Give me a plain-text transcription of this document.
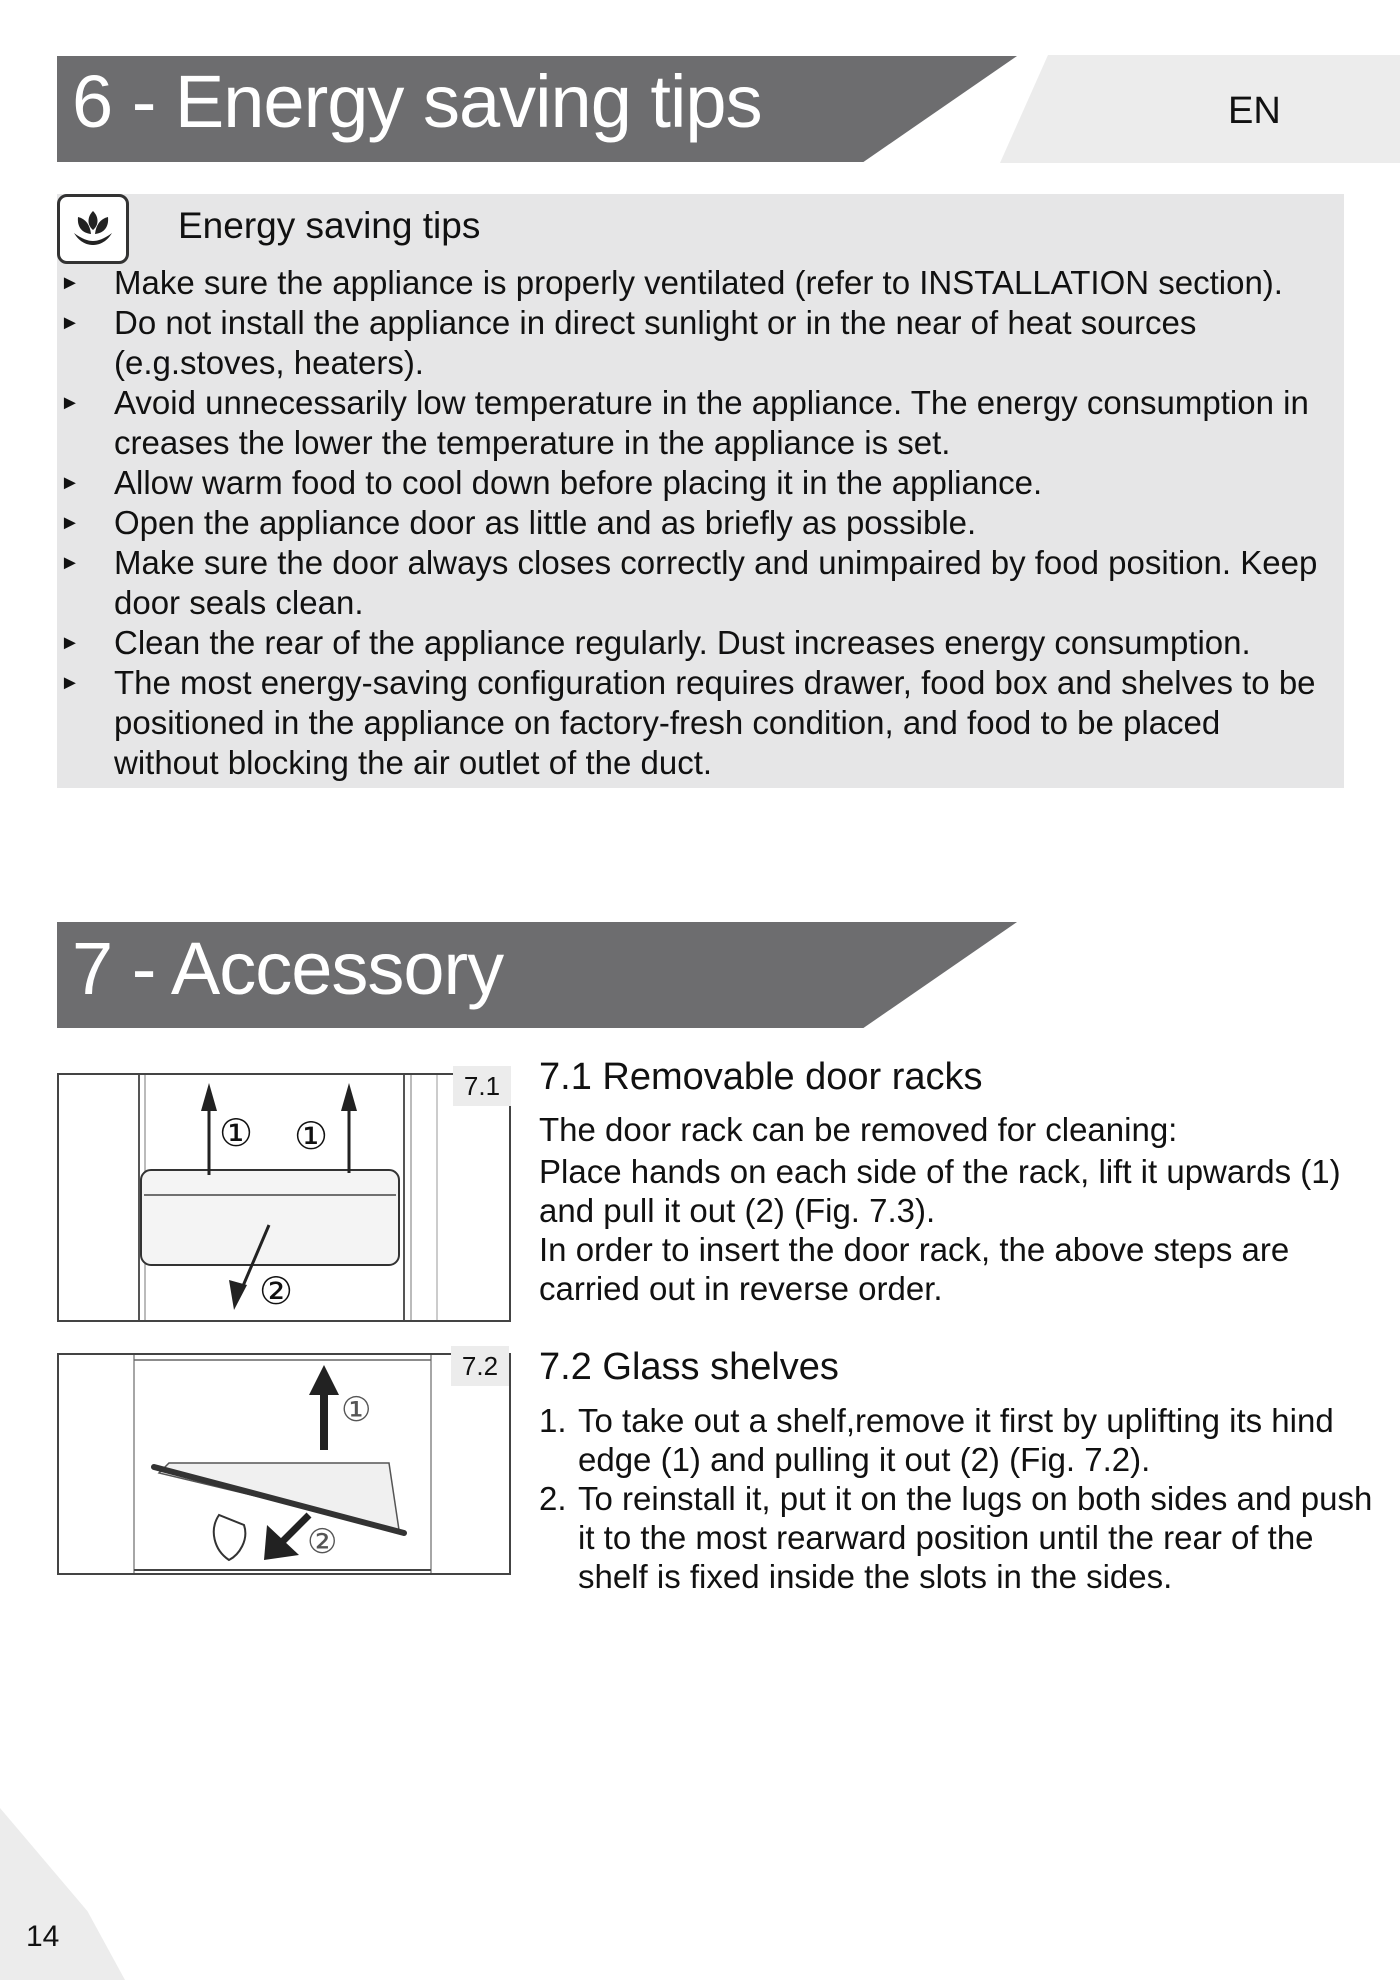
6 - Energy saving tips	EN
Energy saving tips
►	Make sure the appliance is properly ventilated (refer to INSTALLATION section).
►	Do not install the appliance in direct sunlight or in the near of heat sources (e.g.stoves, heaters).
►	Avoid unnecessarily low temperature in the appliance. The energy consumption in creases the lower the temperature in the appliance is set.
►	Allow warm food to cool down before placing it in the appliance.
►	Open the appliance door as little and as briefly as possible.
►	Make sure the door always closes correctly and unimpaired by food position. Keep door seals clean.
►	Clean the rear of the appliance regularly. Dust increases energy consumption.
►	The most energy-saving configuration requires drawer, food box and shelves to be positioned in the appliance on factory-fresh condition, and food to be placed without blocking the air outlet of the duct.
7 - Accessory
① ①
②
7.1
①
②
7.2
7.1 Removable door racks
The door rack can be removed for cleaning:
Place hands on each side of the rack, lift it upwards (1) and pull it out (2) (Fig. 7.3).
In order to insert the door rack, the above steps are carried out in reverse order.
7.2 Glass shelves
1. To take out a shelf,remove it first by uplifting its hind edge (1) and pulling it out (2) (Fig. 7.2).
2. To reinstall it, put it on the lugs on both sides and push it to the most rearward position until the rear of the shelf is fixed inside the slots in the sides.
14
